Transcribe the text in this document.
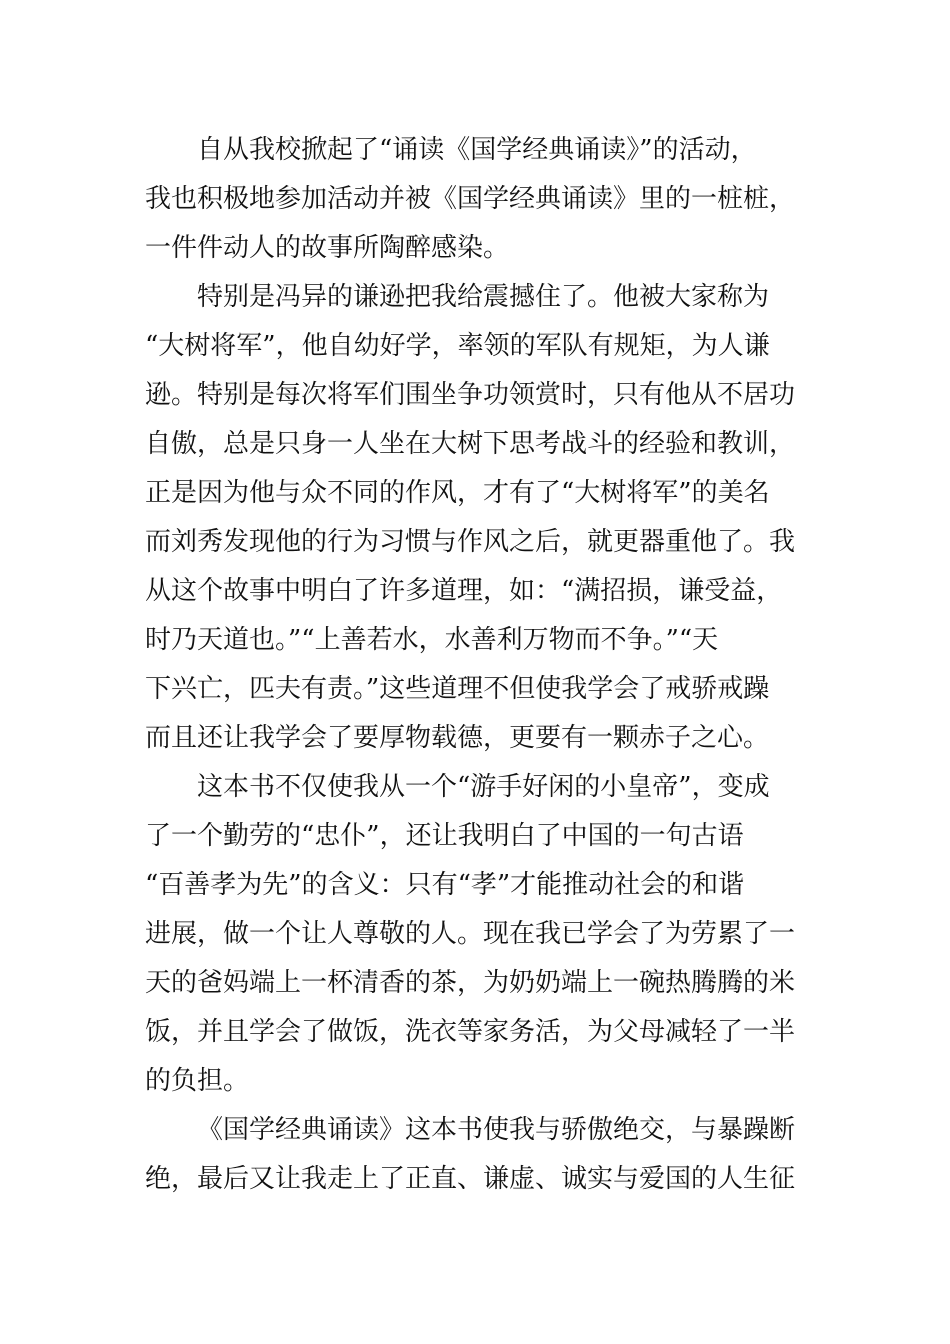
自从我校掀起了“诵读《国学经典诵读》”的活动，
我也积极地参加活动并被《国学经典诵读》里的一桩桩，
一件件动人的故事所陶醉感染。
特别是冯异的谦逊把我给震撼住了。他被大家称为
“大树将军”，他自幼好学，率领的军队有规矩，为人谦
逊。特别是每次将军们围坐争功领赏时，只有他从不居功
自傲，总是只身一人坐在大树下思考战斗的经验和教训，
正是因为他与众不同的作风，才有了“大树将军”的美名
而刘秀发现他的行为习惯与作风之后，就更器重他了。我
从这个故事中明白了许多道理，如：“满招损，谦受益，
时乃天道也。”“上善若水，水善利万物而不争。”“天
下兴亡，匹夫有责。”这些道理不但使我学会了戒骄戒躁
而且还让我学会了要厚物载德，更要有一颗赤子之心。
这本书不仅使我从一个“游手好闲的小皇帝”，变成
了一个勤劳的“忠仆”，还让我明白了中国的一句古语
“百善孝为先”的含义：只有“孝”才能推动社会的和谐
进展，做一个让人尊敬的人。现在我已学会了为劳累了一
天的爸妈端上一杯清香的茶，为奶奶端上一碗热腾腾的米
饭，并且学会了做饭，洗衣等家务活，为父母减轻了一半
的负担。
《国学经典诵读》这本书使我与骄傲绝交，与暴躁断
绝，最后又让我走上了正直、谦虚、诚实与爱国的人生征
